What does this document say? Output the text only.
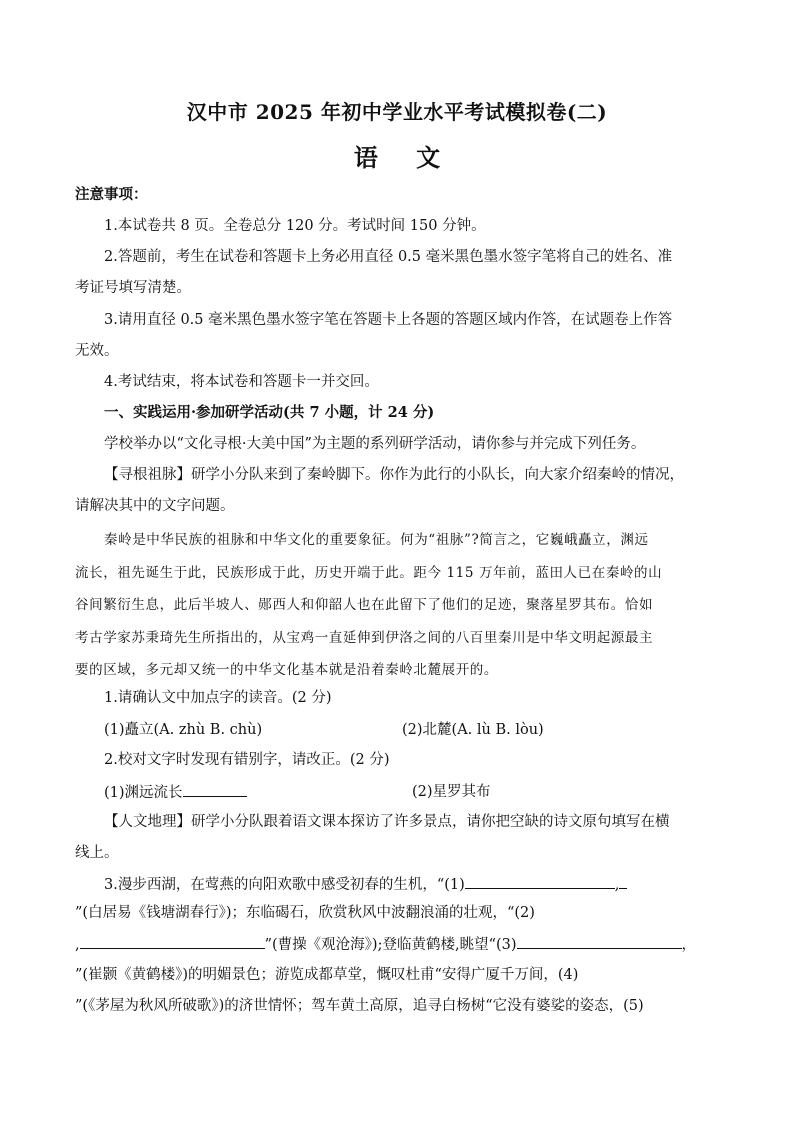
汉中市 2025 年初中学业水平考试模拟卷(二)
语 文
注意事项：
1.本试卷共 8 页。全卷总分 120 分。考试时间 150 分钟。
2.答题前，考生在试卷和答题卡上务必用直径 0.5 毫米黑色墨水签字笔将自己的姓名、准
考证号填写清楚。
3.请用直径 0.5 毫米黑色墨水签字笔在答题卡上各题的答题区域内作答，在试题卷上作答
无效。
4.考试结束，将本试卷和答题卡一并交回。
一、实践运用·参加研学活动(共 7 小题，计 24 分)
学校举办以“文化寻根·大美中国”为主题的系列研学活动，请你参与并完成下列任务。
【寻根祖脉】研学小分队来到了秦岭脚下。你作为此行的小队长，向大家介绍秦岭的情况，
请解决其中的文字问题。
秦岭是中华民族的祖脉和中华文化的重要象征。何为“祖脉”?简言之，它巍峨矗立，渊远
流长，祖先诞生于此，民族形成于此，历史开端于此。距今 115 万年前，蓝田人已在秦岭的山
谷间繁衍生息，此后半坡人、郧西人和仰韶人也在此留下了他们的足迹，聚落星罗其布。恰如
考古学家苏秉琦先生所指出的，从宝鸡一直延伸到伊洛之间的八百里秦川是中华文明起源最主
要的区域，多元却又统一的中华文化基本就是沿着秦岭北麓展开的。
1.请确认文中加点字的读音。(2 分)
(1)矗立(A. zhù B. chù)	(2)北麓(A. lù B. lòu)
2.校对文字时发现有错别字，请改正。(2 分)
(1)渊远流长	(2)星罗其布
【人文地理】研学小分队跟着语文课本探访了许多景点，请你把空缺的诗文原句填写在横
线上。
3.漫步西湖，在莺燕的向阳欢歌中感受初春的生机，“(1)	,
”(白居易《钱塘湖春行》)；东临碣石，欣赏秋风中波翻浪涌的壮观，“(2)
,	”(曹操《观沧海》);登临黄鹤楼,眺望“(3)	，
”(崔颢《黄鹤楼》)的明媚景色；游览成都草堂，慨叹杜甫“安得广厦千万间，(4)
”(《茅屋为秋风所破歌》)的济世情怀；驾车黄土高原，追寻白杨树“它没有婆娑的姿态，(5)
